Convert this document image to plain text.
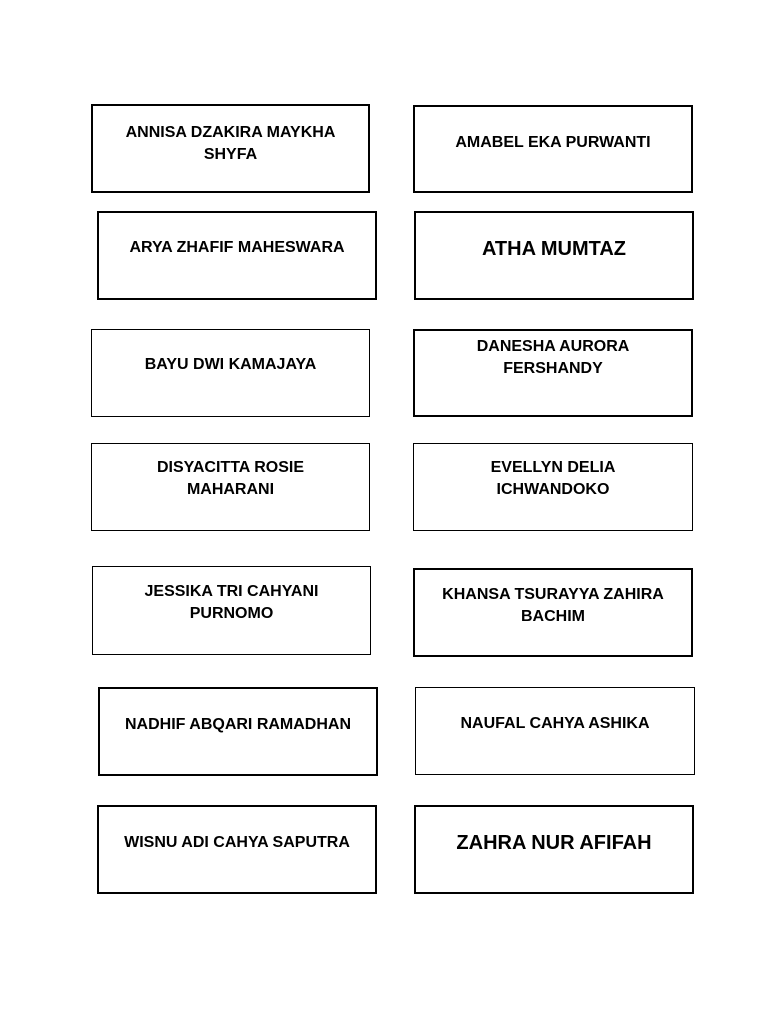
ANNISA DZAKIRA MAYKHA SHYFA
AMABEL EKA PURWANTI
ARYA ZHAFIF MAHESWARA	ATHA MUMTAZ
BAYU DWI KAMAJAYA
DANESHA AURORA FERSHANDY
DISYACITTA ROSIE MAHARANI
EVELLYN DELIA ICHWANDOKO
JESSIKA TRI CAHYANI PURNOMO
KHANSA TSURAYYA ZAHIRA BACHIM
NADHIF ABQARI RAMADHAN	NAUFAL CAHYA ASHIKA
WISNU ADI CAHYA SAPUTRA	ZAHRA NUR AFIFAH
